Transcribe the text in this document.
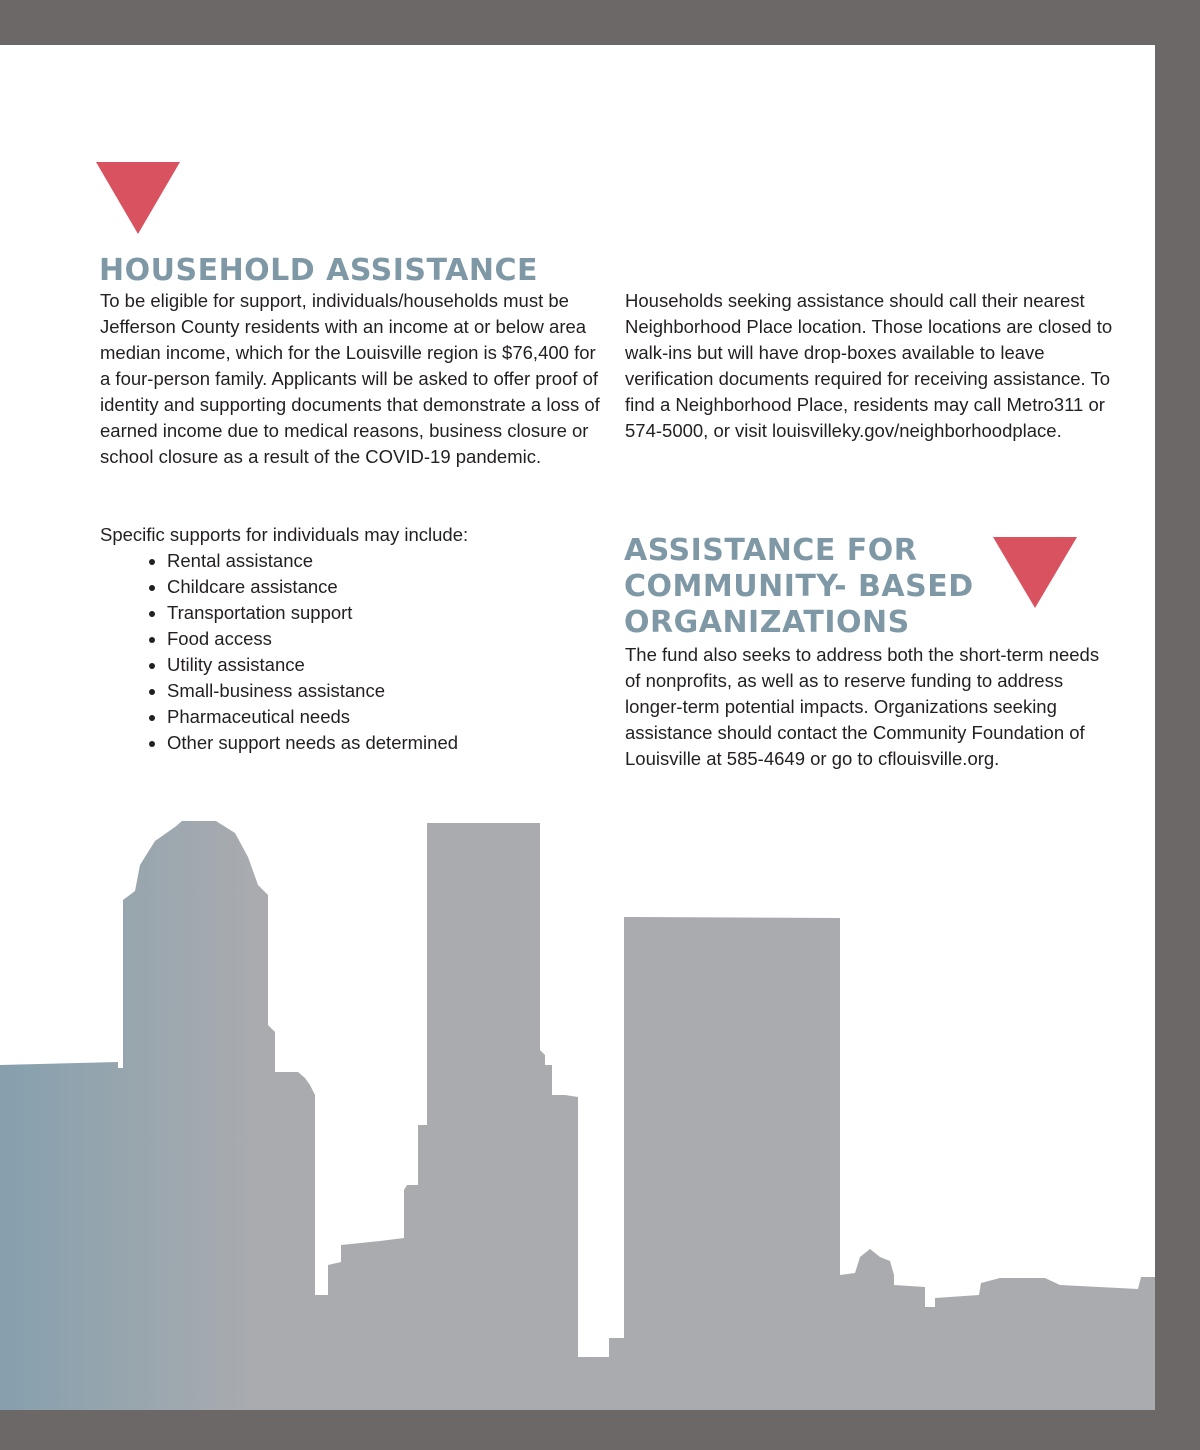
HOUSEHOLD ASSISTANCE

To be eligible for support, individuals/households must be Jefferson County residents with an income at or below area median income, which for the Louisville region is $76,400 for a four-person family. Applicants will be asked to offer proof of identity and supporting documents that demonstrate a loss of earned income due to medical reasons, business closure or school closure as a result of the COVID-19 pandemic.

Specific supports for individuals may include:

• Rental assistance
• Childcare assistance
• Transportation support
• Food access
• Utility assistance
• Small-business assistance
• Pharmaceutical needs
• Other support needs as determined

Households seeking assistance should call their nearest Neighborhood Place location. Those locations are closed to walk-ins but will have drop-boxes available to leave verification documents required for receiving assistance. To find a Neighborhood Place, residents may call Metro311 or 574-5000, or visit louisvilleky.gov/neighborhoodplace.

ASSISTANCE FOR
COMMUNITY- BASED
ORGANIZATIONS

The fund also seeks to address both the short-term needs of nonprofits, as well as to reserve funding to address longer-term potential impacts. Organizations seeking assistance should contact the Community Foundation of Louisville at 585-4649 or go to cflouisville.org.
